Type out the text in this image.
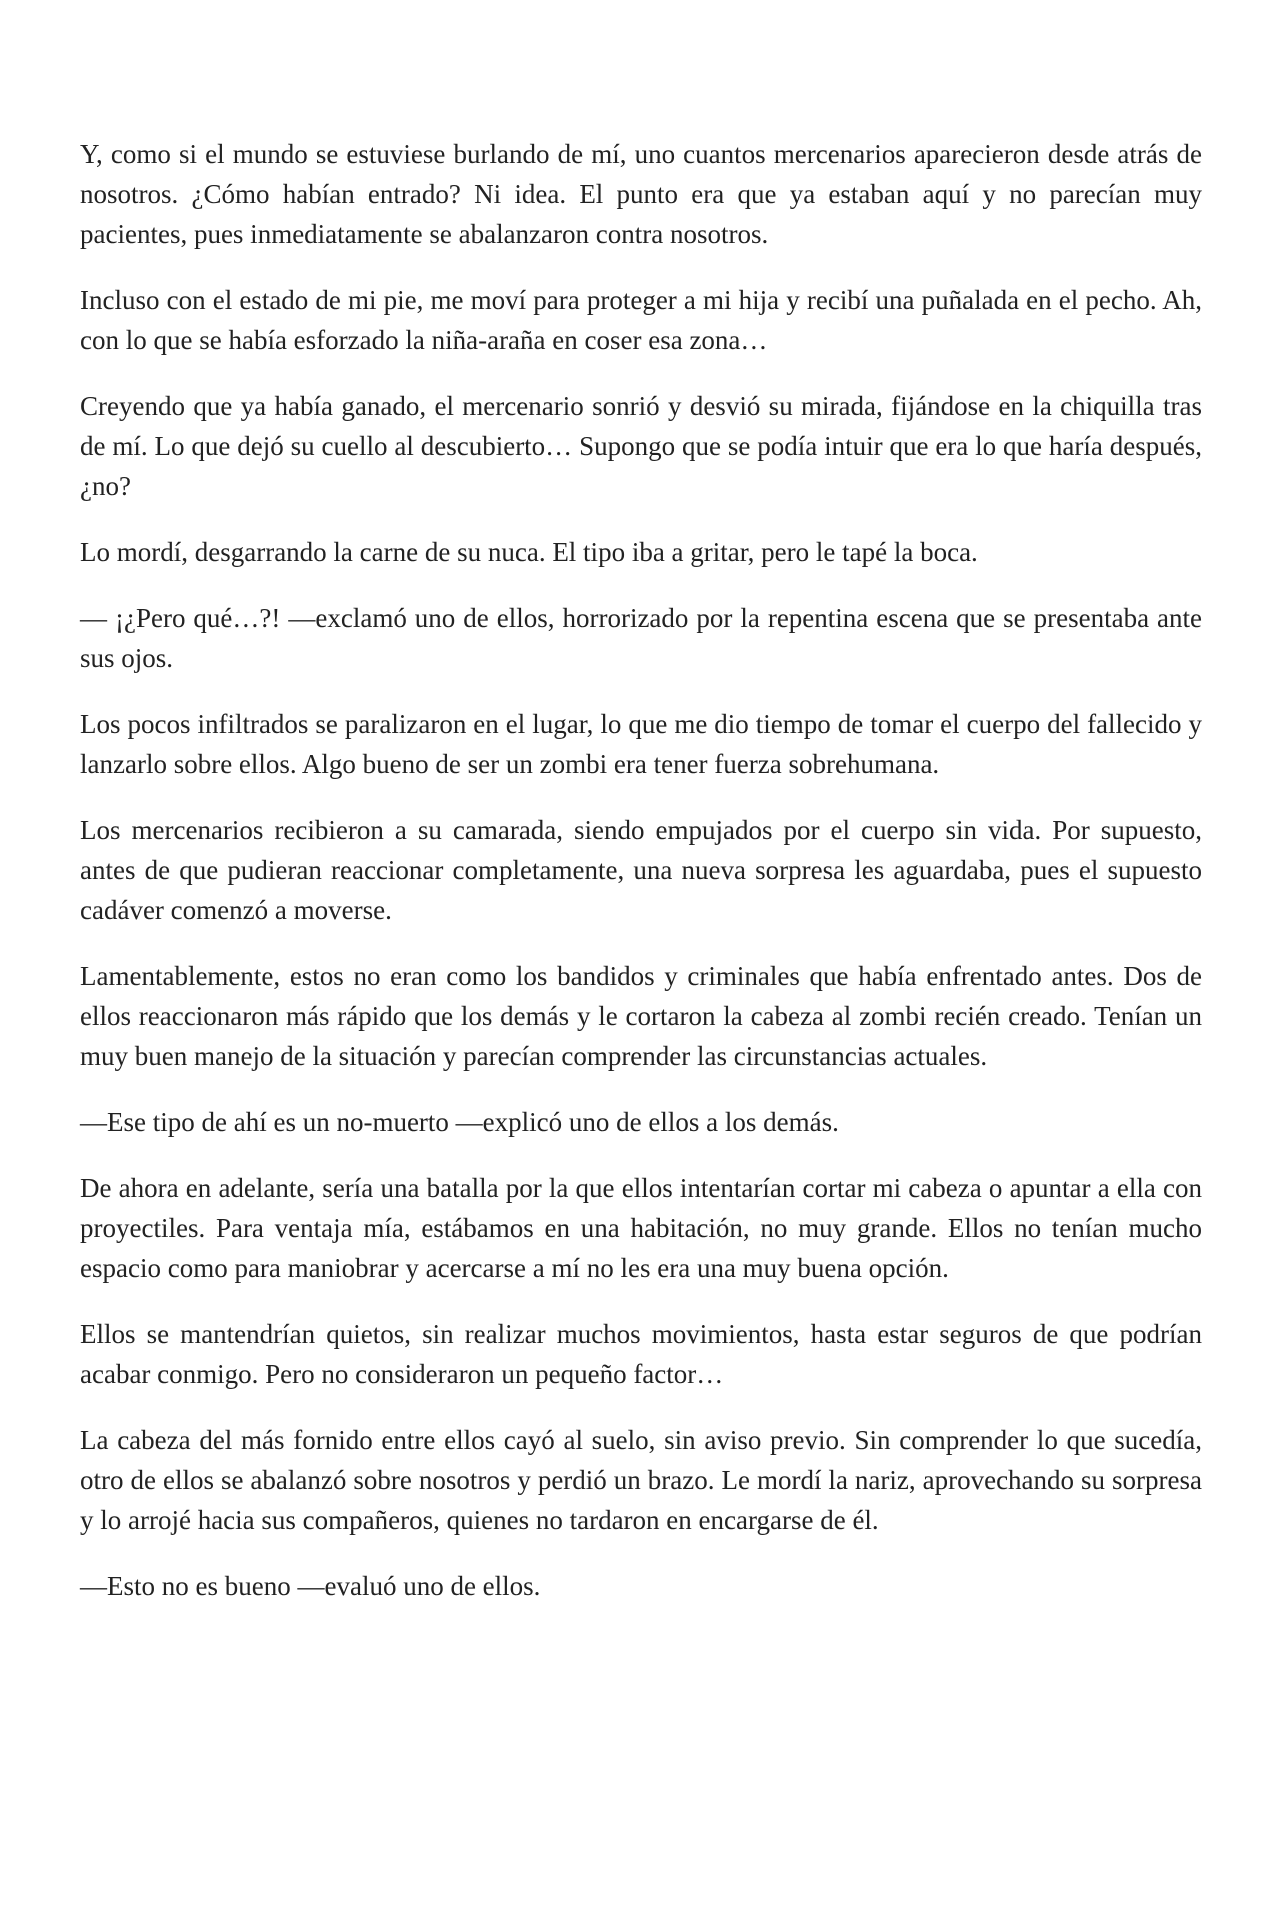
Y, como si el mundo se estuviese burlando de mí, uno cuantos mercenarios aparecieron desde atrás de nosotros. ¿Cómo habían entrado? Ni idea. El punto era que ya estaban aquí y no parecían muy pacientes, pues inmediatamente se abalanzaron contra nosotros.

Incluso con el estado de mi pie, me moví para proteger a mi hija y recibí una puñalada en el pecho. Ah, con lo que se había esforzado la niña-araña en coser esa zona…

Creyendo que ya había ganado, el mercenario sonrió y desvió su mirada, fijándose en la chiquilla tras de mí. Lo que dejó su cuello al descubierto… Supongo que se podía intuir que era lo que haría después, ¿no?

Lo mordí, desgarrando la carne de su nuca. El tipo iba a gritar, pero le tapé la boca.

— ¡¿Pero qué…?! —exclamó uno de ellos, horrorizado por la repentina escena que se presentaba ante sus ojos.

Los pocos infiltrados se paralizaron en el lugar, lo que me dio tiempo de tomar el cuerpo del fallecido y lanzarlo sobre ellos. Algo bueno de ser un zombi era tener fuerza sobrehumana.

Los mercenarios recibieron a su camarada, siendo empujados por el cuerpo sin vida. Por supuesto, antes de que pudieran reaccionar completamente, una nueva sorpresa les aguardaba, pues el supuesto cadáver comenzó a moverse.

Lamentablemente, estos no eran como los bandidos y criminales que había enfrentado antes. Dos de ellos reaccionaron más rápido que los demás y le cortaron la cabeza al zombi recién creado. Tenían un muy buen manejo de la situación y parecían comprender las circunstancias actuales.

—Ese tipo de ahí es un no-muerto —explicó uno de ellos a los demás.

De ahora en adelante, sería una batalla por la que ellos intentarían cortar mi cabeza o apuntar a ella con proyectiles. Para ventaja mía, estábamos en una habitación, no muy grande. Ellos no tenían mucho espacio como para maniobrar y acercarse a mí no les era una muy buena opción.

Ellos se mantendrían quietos, sin realizar muchos movimientos, hasta estar seguros de que podrían acabar conmigo. Pero no consideraron un pequeño factor…

La cabeza del más fornido entre ellos cayó al suelo, sin aviso previo. Sin comprender lo que sucedía, otro de ellos se abalanzó sobre nosotros y perdió un brazo. Le mordí la nariz, aprovechando su sorpresa y lo arrojé hacia sus compañeros, quienes no tardaron en encargarse de él.

—Esto no es bueno —evaluó uno de ellos.
